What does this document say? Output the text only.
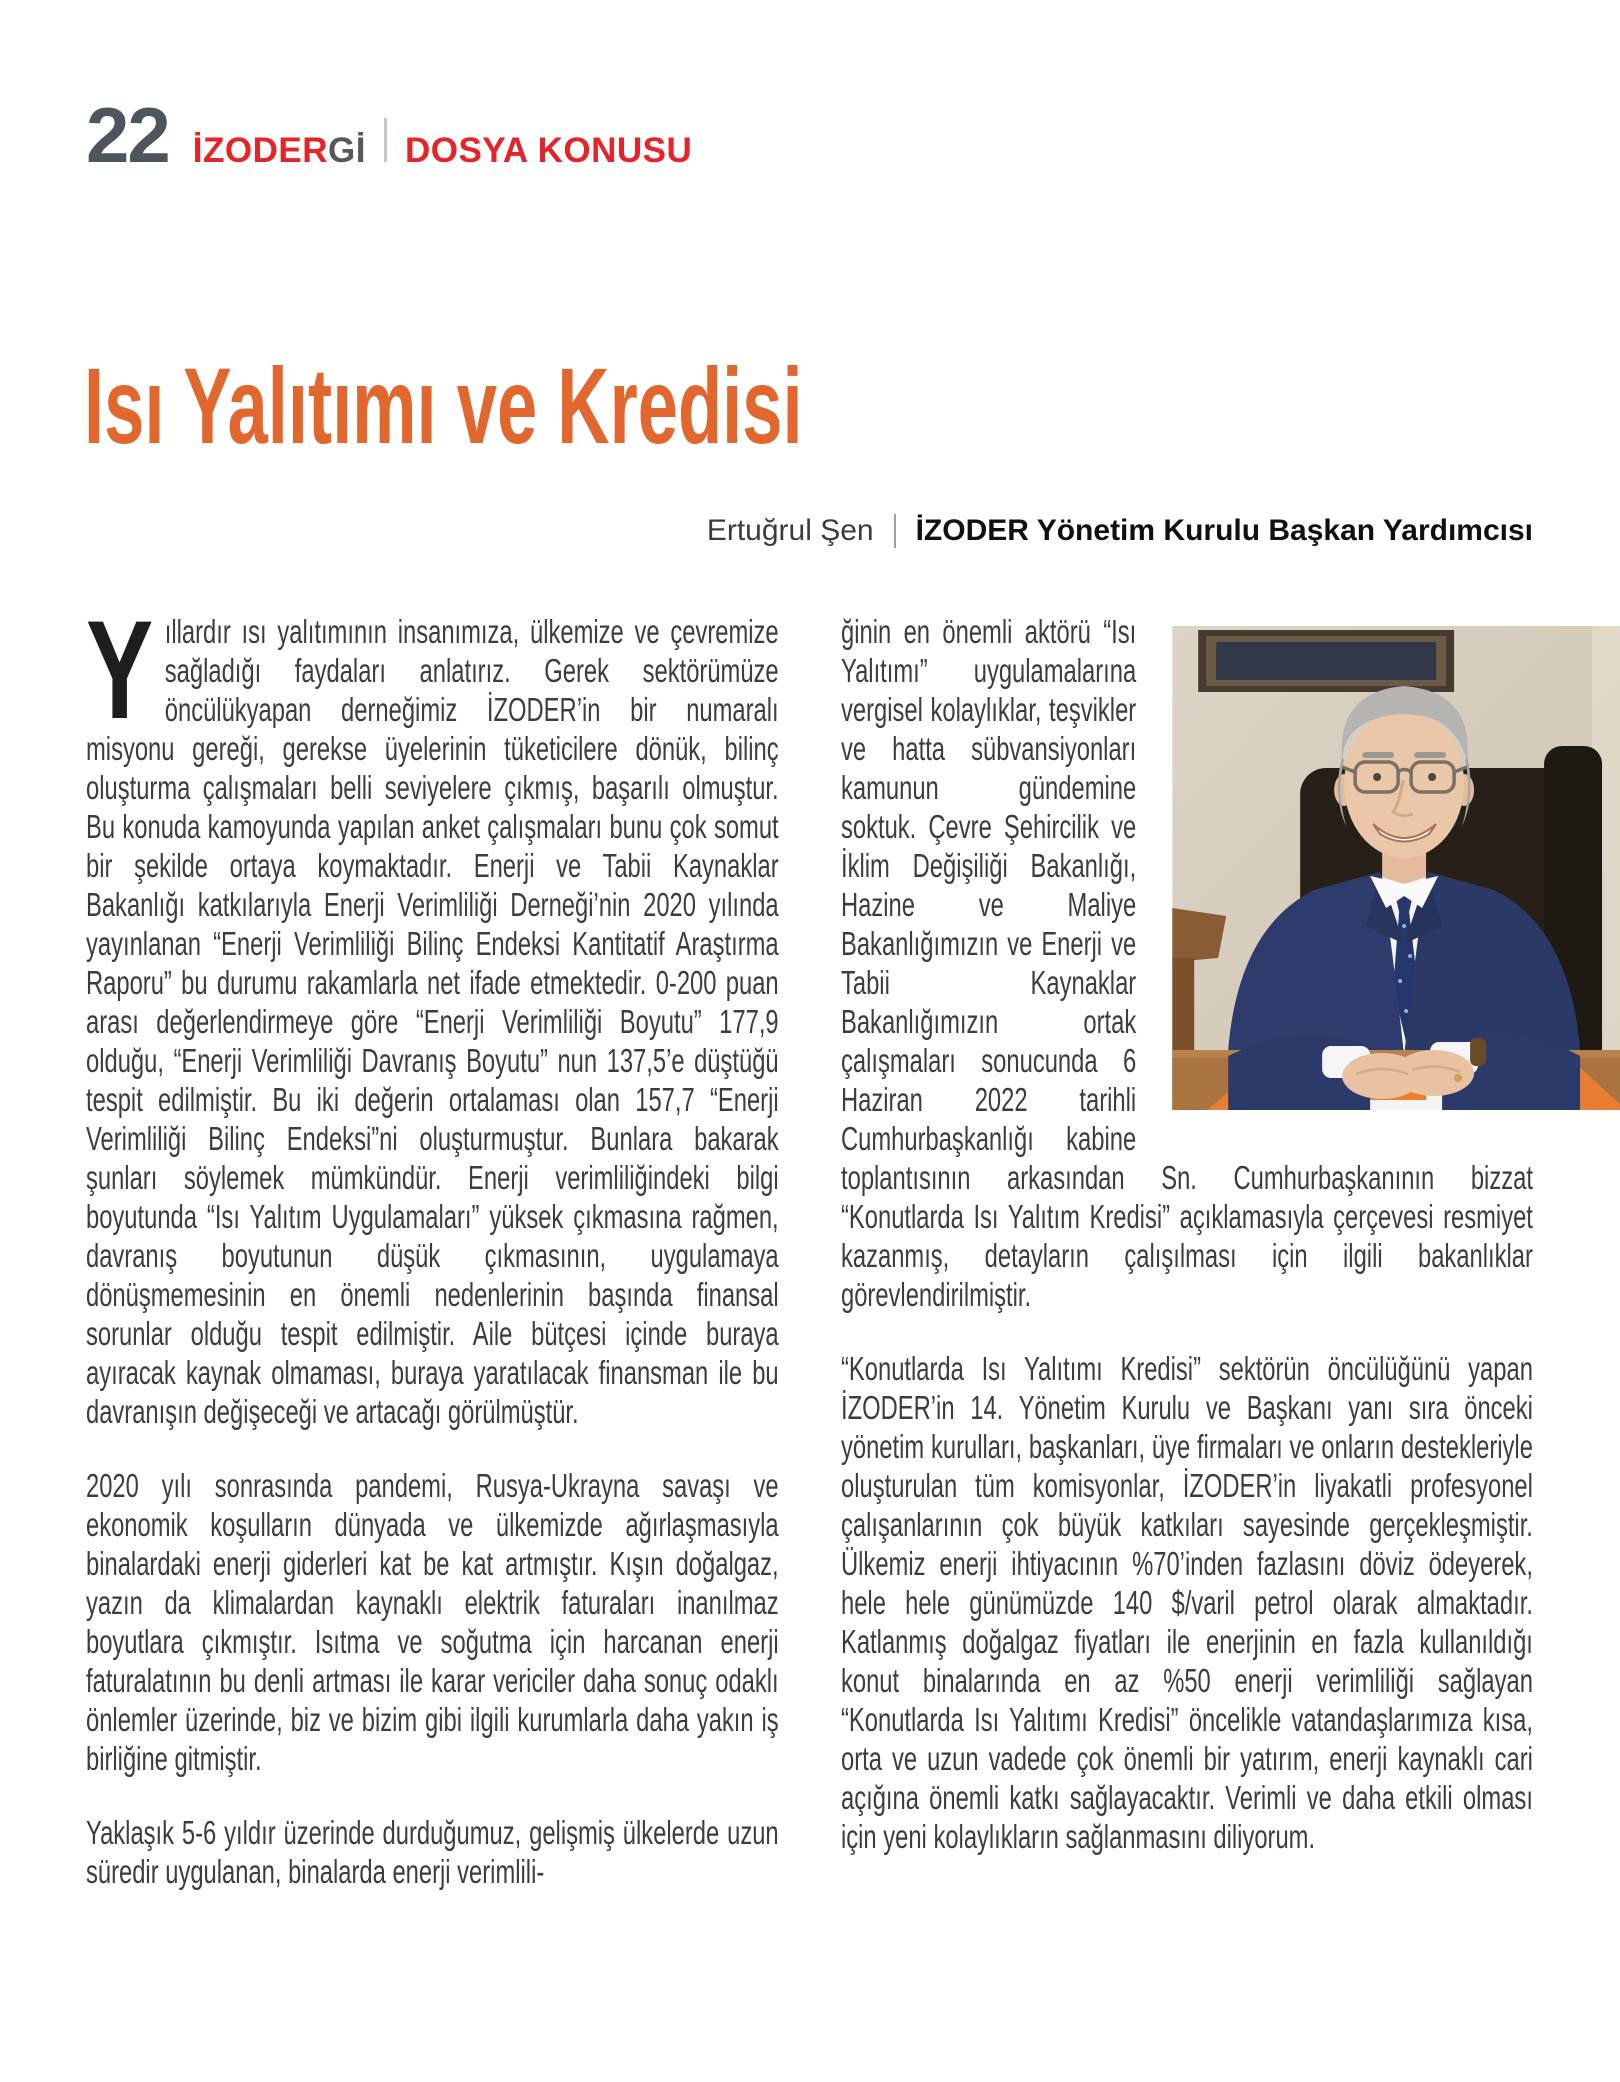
22 İZODERGİ DOSYA KONUSU
Isı Yalıtımı ve Kredisi
Ertuğrul Şen İZODER Yönetim Kurulu Başkan Yardımcısı

Yıllardır ısı yalıtımının insanımıza, ülkemize ve çevremize sağladığı faydaları anlatırız. Gerek sektörümüze öncülükyapan derneğimiz İZODER’in bir numaralı misyonu gereği, gerekse üyelerinin tüketicilere dönük, bilinç oluşturma çalışmaları belli seviyelere çıkmış, başarılı olmuştur. Bu konuda kamoyunda yapılan anket çalışmaları bunu çok somut bir şekilde ortaya koymaktadır. Enerji ve Tabii Kaynaklar Bakanlığı katkılarıyla Enerji Verimliliği Derneği’nin 2020 yılında yayınlanan “Enerji Verimliliği Bilinç Endeksi Kantitatif Araştırma Raporu” bu durumu rakamlarla net ifade etmektedir. 0-200 puan arası değerlendirmeye göre “Enerji Verimliliği Boyutu” 177,9 olduğu, “Enerji Verimliliği Davranış Boyutu” nun 137,5’e düştüğü tespit edilmiştir. Bu iki değerin ortalaması olan 157,7 “Enerji Verimliliği Bilinç Endeksi”ni oluşturmuştur. Bunlara bakarak şunları söylemek mümkündür. Enerji verimliliğindeki bilgi boyutunda “Isı Yalıtım Uygulamaları” yüksek çıkmasına rağmen, davranış boyutunun düşük çıkmasının, uygulamaya dönüşmemesinin en önemli nedenlerinin başında finansal sorunlar olduğu tespit edilmiştir. Aile bütçesi içinde buraya ayıracak kaynak olmaması, buraya yaratılacak finansman ile bu davranışın değişeceği ve artacağı görülmüştür.

2020 yılı sonrasında pandemi, Rusya-Ukrayna savaşı ve ekonomik koşulların dünyada ve ülkemizde ağırlaşmasıyla binalardaki enerji giderleri kat be kat artmıştır. Kışın doğalgaz, yazın da klimalardan kaynaklı elektrik faturaları inanılmaz boyutlara çıkmıştır. Isıtma ve soğutma için harcanan enerji faturalatının bu denli artması ile karar vericiler daha sonuç odaklı önlemler üzerinde, biz ve bizim gibi ilgili kurumlarla daha yakın iş birliğine gitmiştir.

Yaklaşık 5-6 yıldır üzerinde durduğumuz, gelişmiş ülkelerde uzun süredir uygulanan, binalarda enerji verimlili-

ğinin en önemli aktörü “Isı Yalıtımı” uygulamalarına vergisel kolaylıklar, teşvikler ve hatta sübvansiyonları kamunun gündemine soktuk. Çevre Şehircilik ve İklim Değişiliği Bakanlığı, Hazine ve Maliye Bakanlığımızın ve Enerji ve Tabii Kaynaklar Bakanlığımızın ortak çalışmaları sonucunda 6 Haziran 2022 tarihli Cumhurbaşkanlığı kabine toplantısının arkasından Sn. Cumhurbaşkanının bizzat “Konutlarda Isı Yalıtım Kredisi” açıklamasıyla çerçevesi resmiyet kazanmış, detayların çalışılması için ilgili bakanlıklar görevlendirilmiştir.

“Konutlarda Isı Yalıtımı Kredisi” sektörün öncülüğünü yapan İZODER’in 14. Yönetim Kurulu ve Başkanı yanı sıra önceki yönetim kurulları, başkanları, üye firmaları ve onların destekleriyle oluşturulan tüm komisyonlar, İZODER’in liyakatli profesyonel çalışanlarının çok büyük katkıları sayesinde gerçekleşmiştir. Ülkemiz enerji ihtiyacının %70’inden fazlasını döviz ödeyerek, hele hele günümüzde 140 $/varil petrol olarak almaktadır. Katlanmış doğalgaz fiyatları ile enerjinin en fazla kullanıldığı konut binalarında en az %50 enerji verimliliği sağlayan “Konutlarda Isı Yalıtımı Kredisi” öncelikle vatandaşlarımıza kısa, orta ve uzun vadede çok önemli bir yatırım, enerji kaynaklı cari açığına önemli katkı sağlayacaktır. Verimli ve daha etkili olması için yeni kolaylıkların sağlanmasını diliyorum.
